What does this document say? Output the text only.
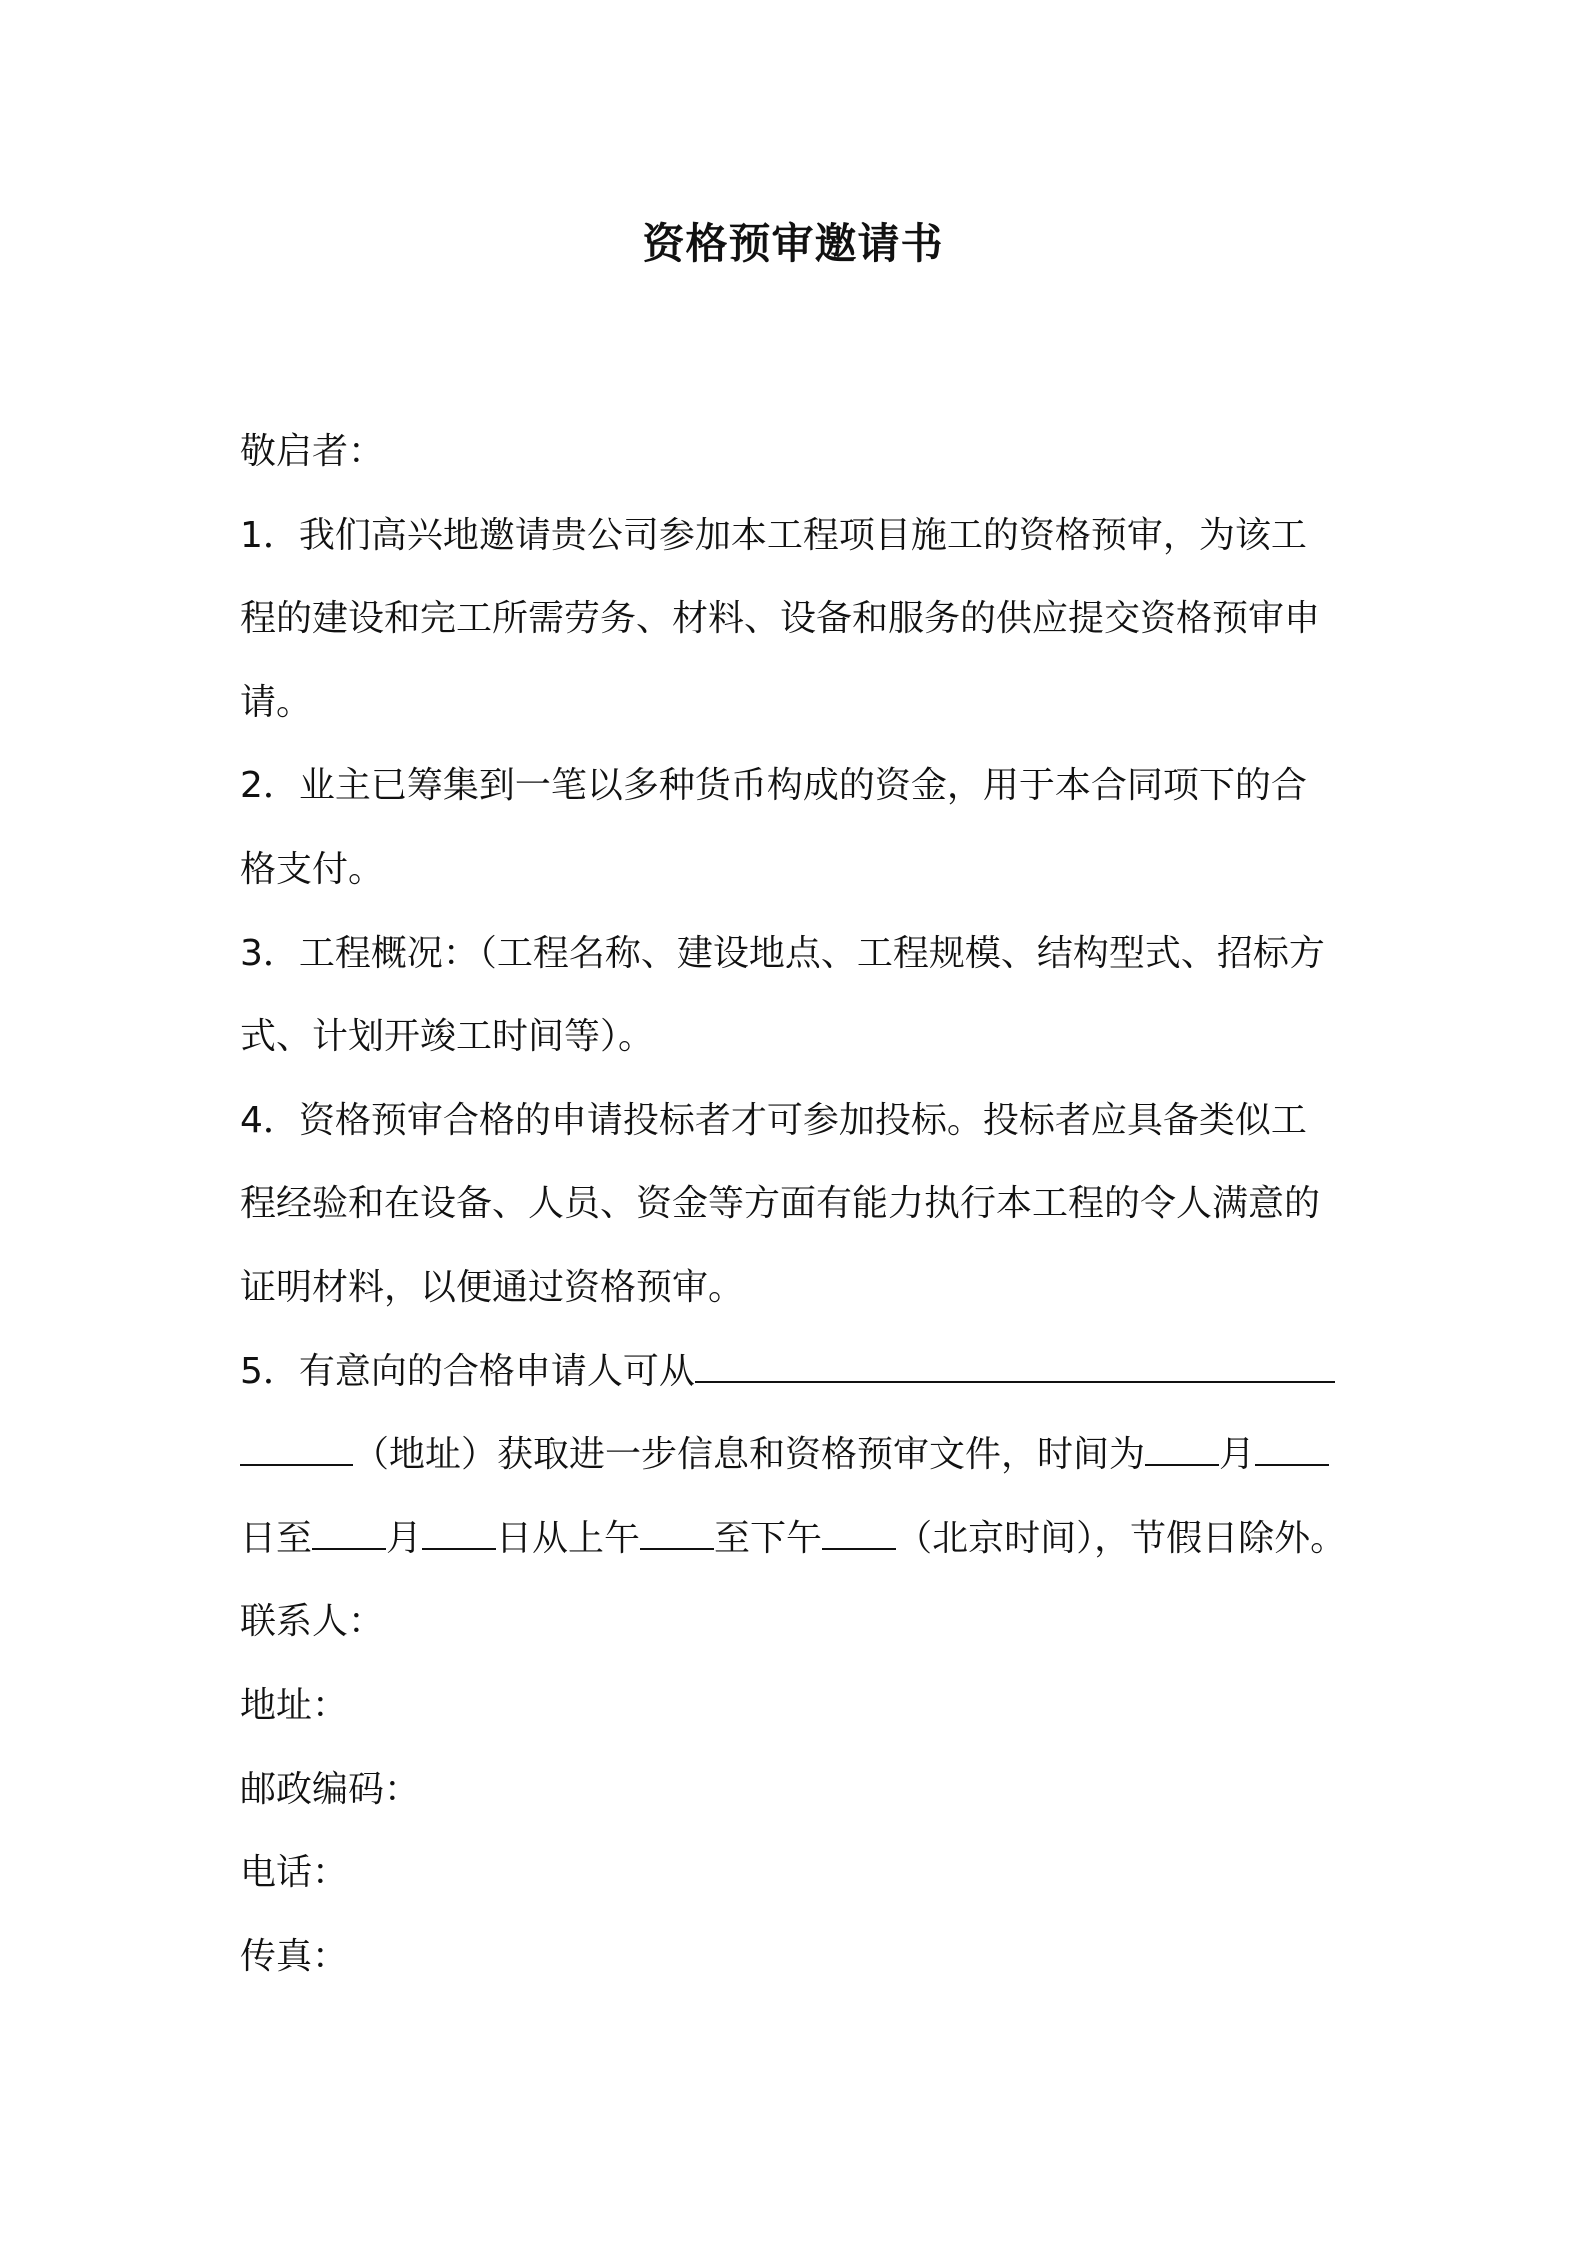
资格预审邀请书
敬启者：
1．我们高兴地邀请贵公司参加本工程项目施工的资格预审，为该工
程的建设和完工所需劳务、材料、设备和服务的供应提交资格预审申
请。
2．业主已筹集到一笔以多种货币构成的资金，用于本合同项下的合
格支付。
3．工程概况：（工程名称、建设地点、工程规模、结构型式、招标方
式、计划开竣工时间等）。
4．资格预审合格的申请投标者才可参加投标。投标者应具备类似工
程经验和在设备、人员、资金等方面有能力执行本工程的令人满意的
证明材料，以便通过资格预审。
5．有意向的合格申请人可从
（地址）获取进一步信息和资格预审文件，时间为 月
日至 月 日从上午 至下午 （北京时间），节假日除外。
联系人：
地址：
邮政编码：
电话：
传真：
